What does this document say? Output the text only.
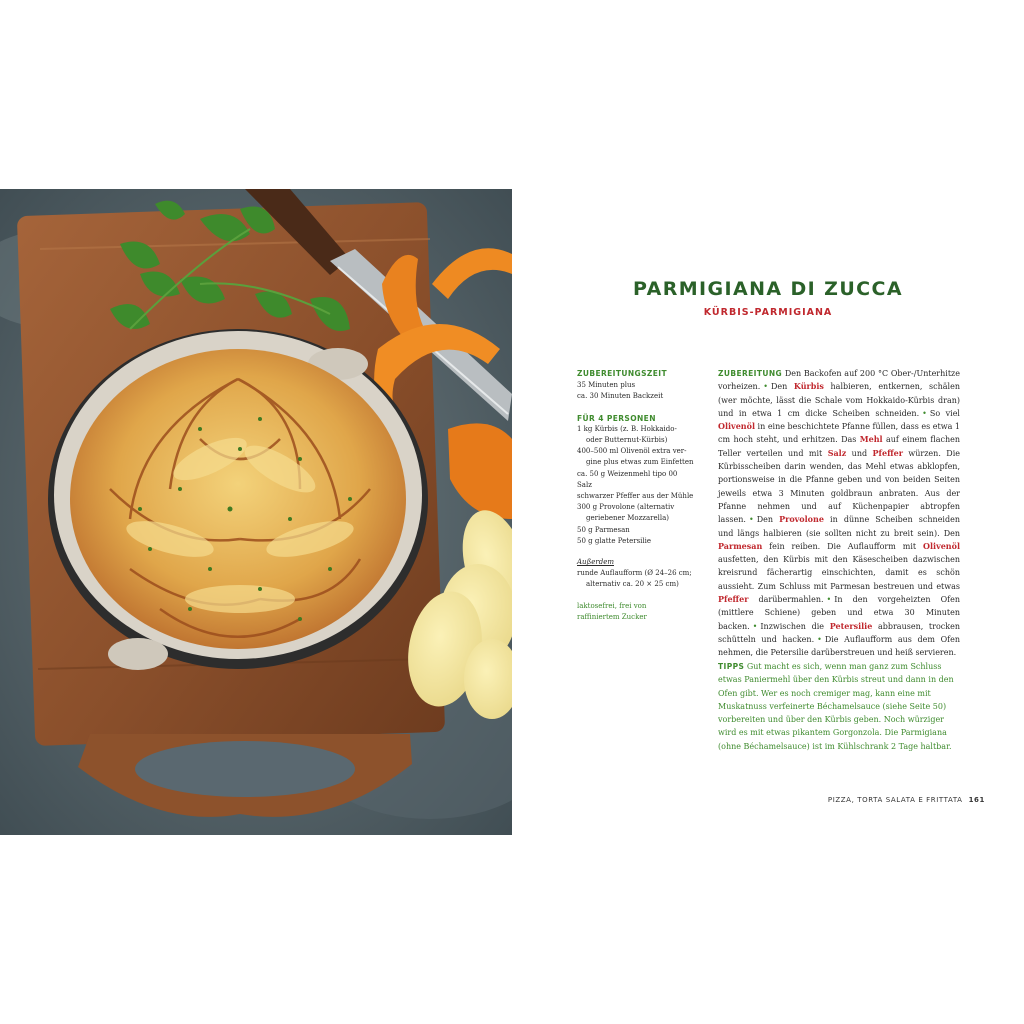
PARMIGIANA DI ZUCCA
KÜRBIS-PARMIGIANA
ZUBEREITUNGSZEIT
35 Minuten plus
ca. 30 Minuten Backzeit
FÜR 4 PERSONEN
1 kg Kürbis (z. B. Hokkaido-
oder Butternut-Kürbis)
400–500 ml Olivenöl extra ver-
gine plus etwas zum Einfetten
ca. 50 g Weizenmehl tipo 00
Salz
schwarzer Pfeffer aus der Mühle
300 g Provolone (alternativ
geriebener Mozzarella)
50 g Parmesan
50 g glatte Petersilie
Außerdem
runde Auflaufform (Ø 24–26 cm;
alternativ ca. 20 × 25 cm)
laktosefrei, frei von
raffiniertem Zucker
ZUBEREITUNG Den Backofen auf 200 °C Ober-/Unterhitze vorheizen. • Den Kürbis halbieren, entkernen, schälen (wer möchte, lässt die Schale vom Hokkaido-Kürbis dran) und in etwa 1 cm dicke Scheiben schneiden. • So viel Olivenöl in eine beschichtete Pfanne füllen, dass es etwa 1 cm hoch steht, und erhitzen. Das Mehl auf einem flachen Teller verteilen und mit Salz und Pfeffer würzen. Die Kürbisscheiben darin wenden, das Mehl etwas abklopfen, portionsweise in die Pfanne geben und von beiden Seiten jeweils etwa 3 Minuten goldbraun anbraten. Aus der Pfanne nehmen und auf Küchenpapier abtropfen lassen. • Den Provolone in dünne Scheiben schneiden und längs halbieren (sie sollten nicht zu breit sein). Den Parmesan fein reiben. Die Auflaufform mit Olivenöl ausfetten, den Kürbis mit den Käsescheiben dazwischen kreisrund fächerartig einschichten, damit es schön aussieht. Zum Schluss mit Parmesan bestreuen und etwas Pfeffer darübermahlen. • In den vorgeheizten Ofen (mittlere Schiene) geben und etwa 30 Minuten backen. • Inzwischen die Petersilie abbrausen, trocken schütteln und hacken. • Die Auflaufform aus dem Ofen nehmen, die Petersilie darüberstreuen und heiß servieren.
TIPPS Gut macht es sich, wenn man ganz zum Schluss etwas Paniermehl über den Kürbis streut und dann in den Ofen gibt. Wer es noch cremiger mag, kann eine mit Muskatnuss verfeinerte Béchamelsauce (siehe Seite 50) vorbereiten und über den Kürbis geben. Noch würziger wird es mit etwas pikantem Gorgonzola. Die Parmigiana (ohne Béchamelsauce) ist im Kühlschrank 2 Tage haltbar.
PIZZA, TORTA SALATA E FRITTATA 161
